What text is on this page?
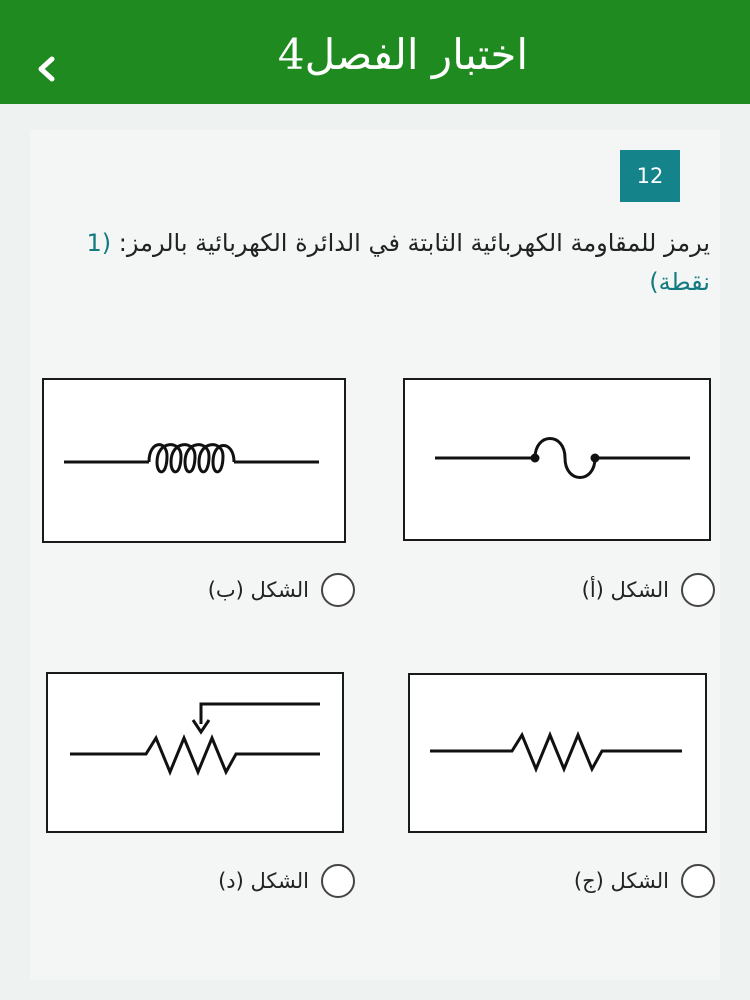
اختبار الفصل4
12
يرمز للمقاومة الكهربائية الثابتة في الدائرة الكهربائية بالرمز: (1 نقطة)
الشكل (أ)
الشكل (ب)
الشكل (ج)
الشكل (د)
